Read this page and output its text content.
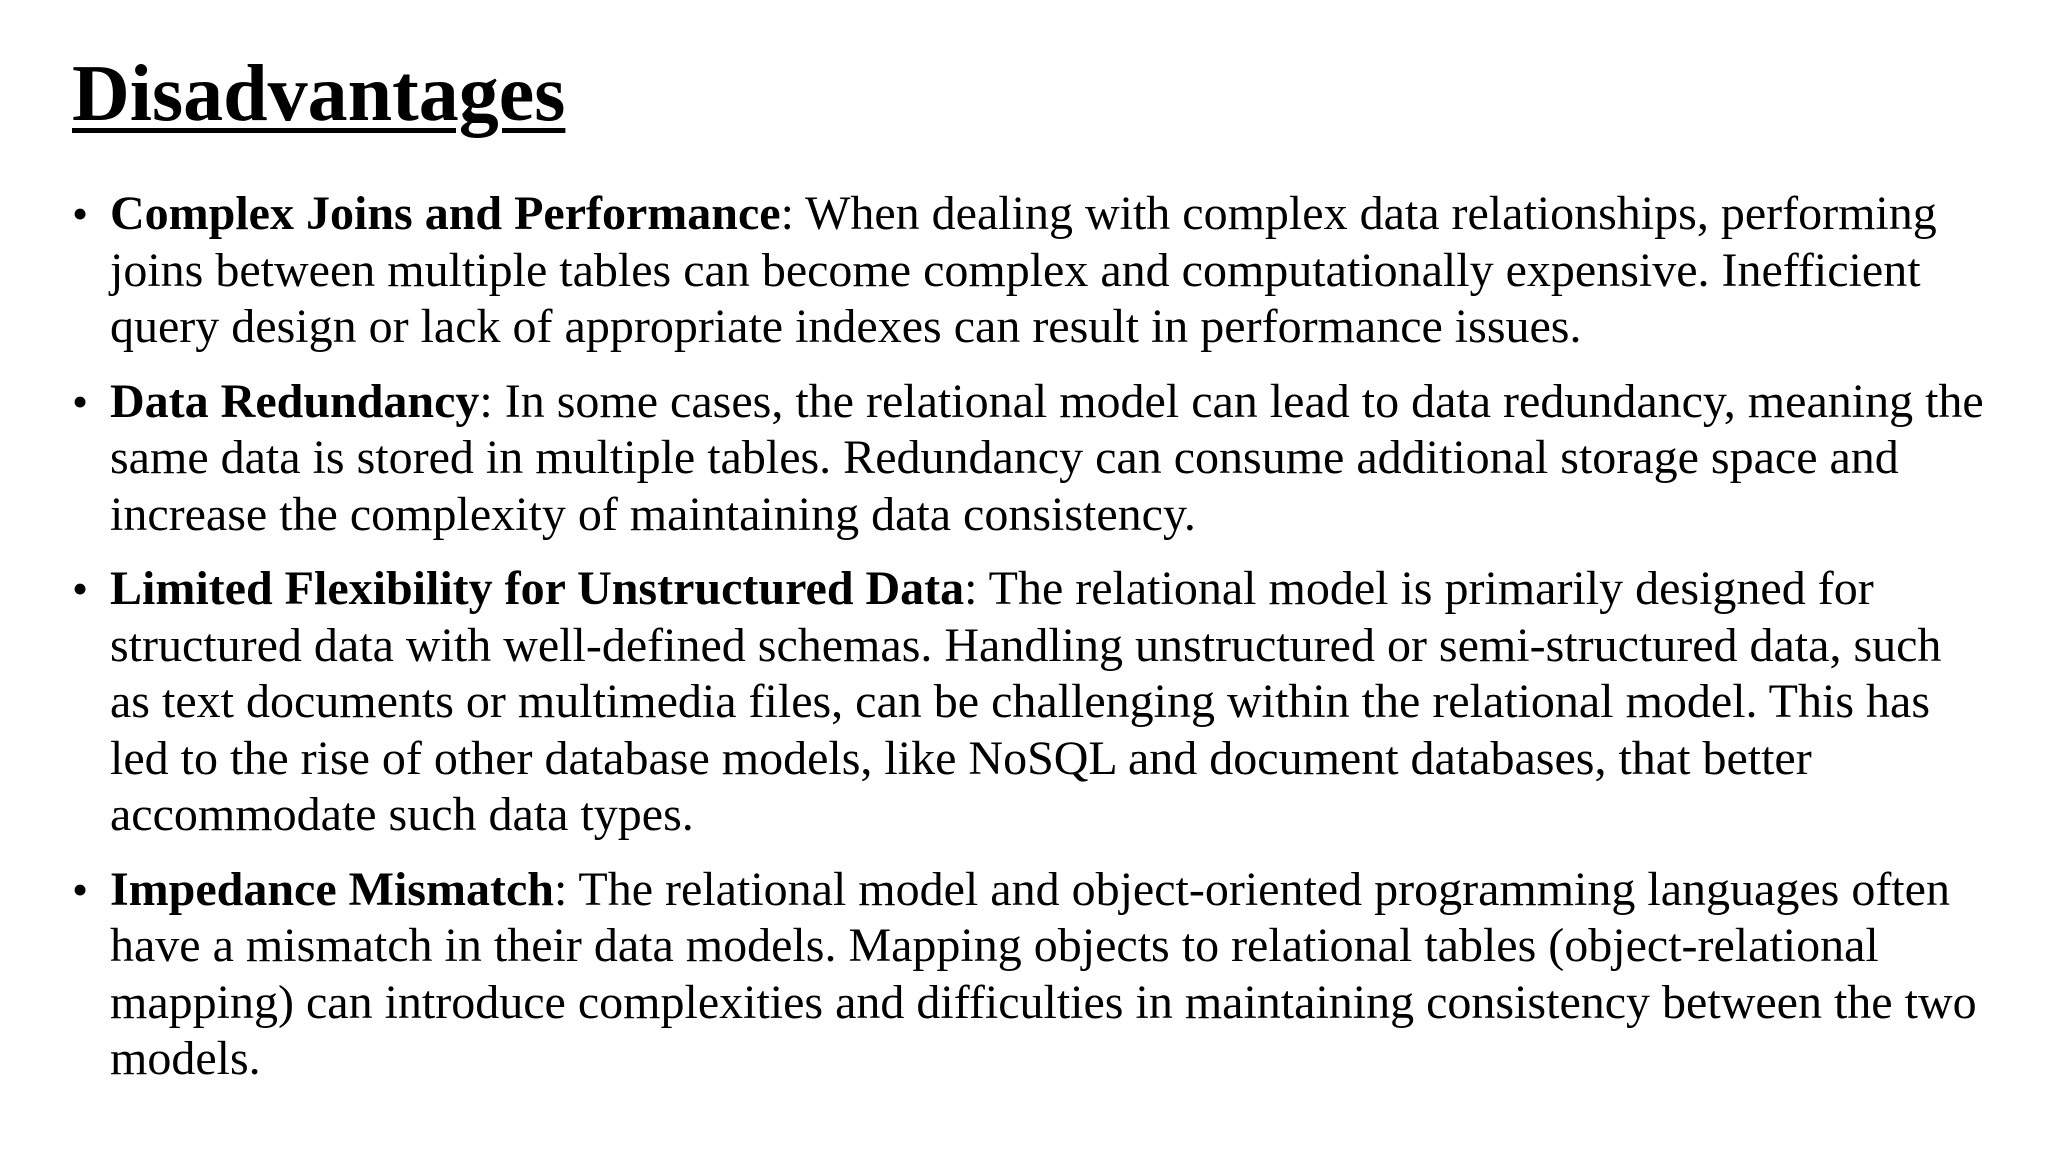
Disadvantages
• Complex Joins and Performance: When dealing with complex data relationships, performing joins between multiple tables can become complex and computationally expensive. Inefficient query design or lack of appropriate indexes can result in performance issues.
• Data Redundancy: In some cases, the relational model can lead to data redundancy, meaning the same data is stored in multiple tables. Redundancy can consume additional storage space and increase the complexity of maintaining data consistency.
• Limited Flexibility for Unstructured Data: The relational model is primarily designed for structured data with well-defined schemas. Handling unstructured or semi-structured data, such as text documents or multimedia files, can be challenging within the relational model. This has led to the rise of other database models, like NoSQL and document databases, that better accommodate such data types.
• Impedance Mismatch: The relational model and object-oriented programming languages often have a mismatch in their data models. Mapping objects to relational tables (object-relational mapping) can introduce complexities and difficulties in maintaining consistency between the two models.
